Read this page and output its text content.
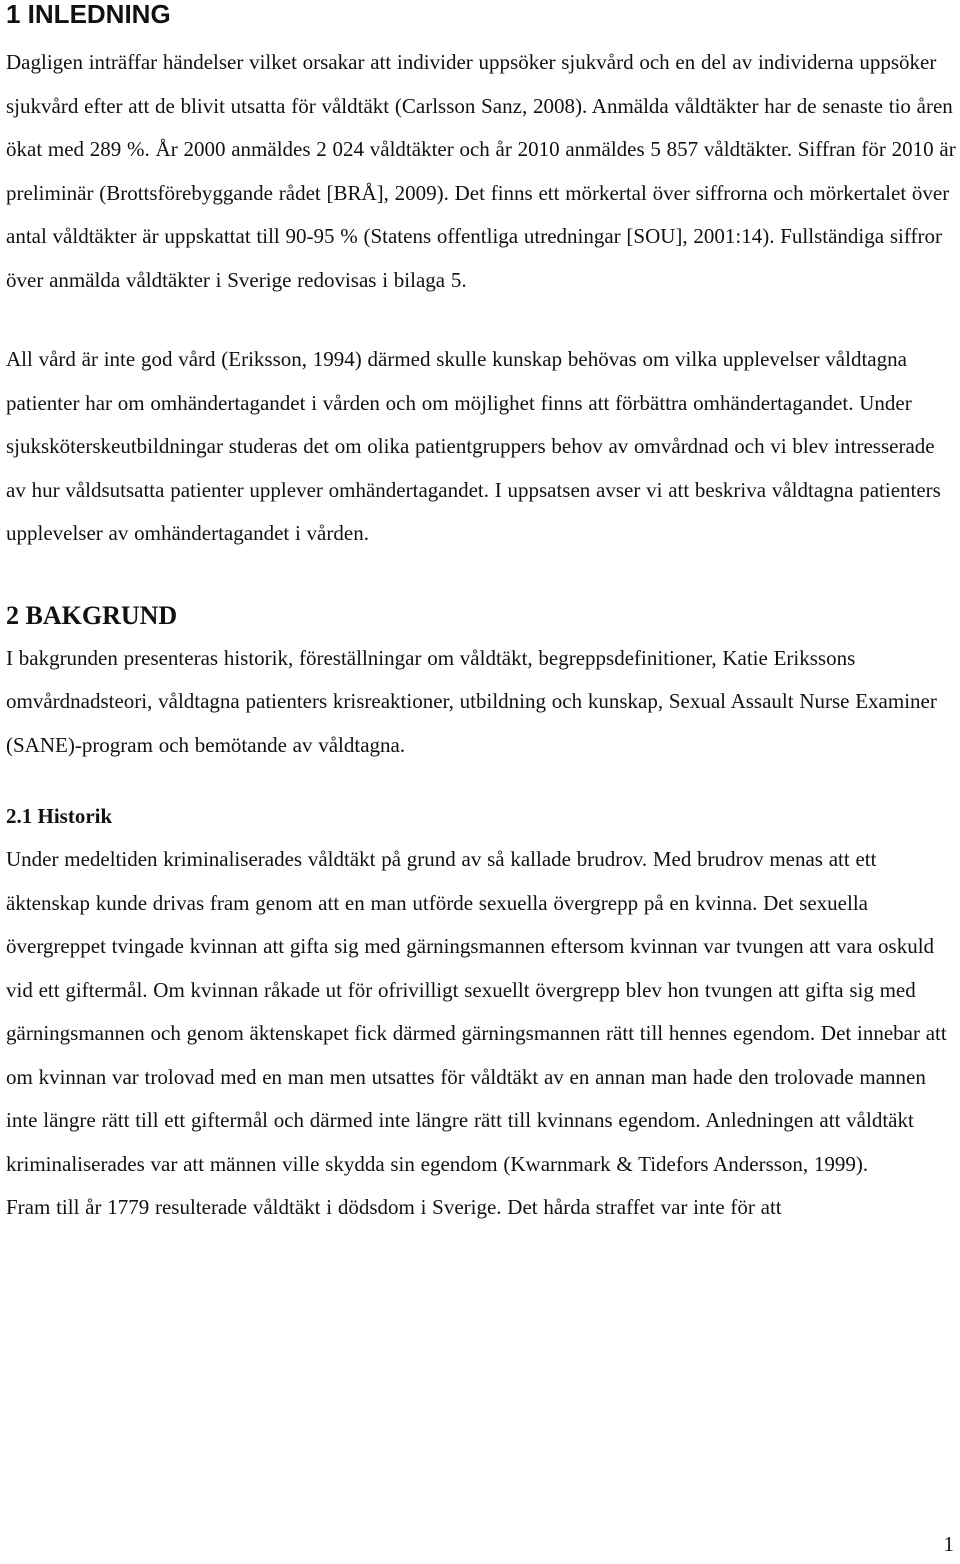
1 INLEDNING

Dagligen inträffar händelser vilket orsakar att individer uppsöker sjukvård och en del av individerna uppsöker sjukvård efter att de blivit utsatta för våldtäkt (Carlsson Sanz, 2008). Anmälda våldtäkter har de senaste tio åren ökat med 289 %. År 2000 anmäldes 2 024 våldtäkter och år 2010 anmäldes 5 857 våldtäkter. Siffran för 2010 är preliminär (Brottsförebyggande rådet [BRÅ], 2009). Det finns ett mörkertal över siffrorna och mörkertalet över antal våldtäkter är uppskattat till 90-95 % (Statens offentliga utredningar [SOU], 2001:14). Fullständiga siffror över anmälda våldtäkter i Sverige redovisas i bilaga 5.

All vård är inte god vård (Eriksson, 1994) därmed skulle kunskap behövas om vilka upplevelser våldtagna patienter har om omhändertagandet i vården och om möjlighet finns att förbättra omhändertagandet. Under sjuksköterskeutbildningar studeras det om olika patientgruppers behov av omvårdnad och vi blev intresserade av hur våldsutsatta patienter upplever omhändertagandet. I uppsatsen avser vi att beskriva våldtagna patienters upplevelser av omhändertagandet i vården.

2 BAKGRUND

I bakgrunden presenteras historik, föreställningar om våldtäkt, begreppsdefinitioner, Katie Erikssons omvårdnadsteori, våldtagna patienters krisreaktioner, utbildning och kunskap, Sexual Assault Nurse Examiner (SANE)-program och bemötande av våldtagna.

2.1 Historik

Under medeltiden kriminaliserades våldtäkt på grund av så kallade brudrov. Med brudrov menas att ett äktenskap kunde drivas fram genom att en man utförde sexuella övergrepp på en kvinna. Det sexuella övergreppet tvingade kvinnan att gifta sig med gärningsmannen eftersom kvinnan var tvungen att vara oskuld vid ett giftermål. Om kvinnan råkade ut för ofrivilligt sexuellt övergrepp blev hon tvungen att gifta sig med gärningsmannen och genom äktenskapet fick därmed gärningsmannen rätt till hennes egendom. Det innebar att om kvinnan var trolovad med en man men utsattes för våldtäkt av en annan man hade den trolovade mannen inte längre rätt till ett giftermål och därmed inte längre rätt till kvinnans egendom. Anledningen att våldtäkt kriminaliserades var att männen ville skydda sin egendom (Kwarnmark & Tidefors Andersson, 1999).

Fram till år 1779 resulterade våldtäkt i dödsdom i Sverige. Det hårda straffet var inte för att

1
